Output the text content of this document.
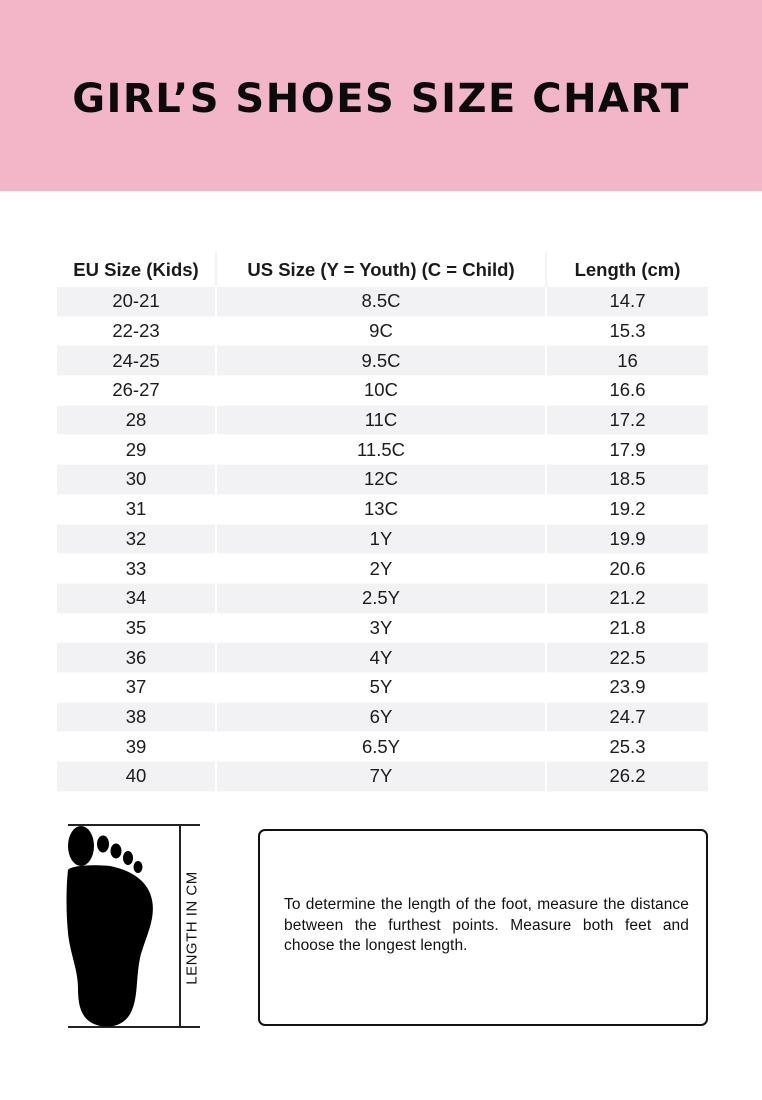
GIRL’S SHOES SIZE CHART
EU Size (Kids)	US Size (Y = Youth) (C = Child)	Length (cm)
20-21	8.5C	14.7
22-23	9C	15.3
24-25	9.5C	16
26-27	10C	16.6
28	11C	17.2
29	11.5C	17.9
30	12C	18.5
31	13C	19.2
32	1Y	19.9
33	2Y	20.6
34	2.5Y	21.2
35	3Y	21.8
36	4Y	22.5
37	5Y	23.9
38	6Y	24.7
39	6.5Y	25.3
40	7Y	26.2
LENGTH IN CM	To determine the length of the foot, measure the distance between the furthest points. Measure both feet and choose the longest length.
